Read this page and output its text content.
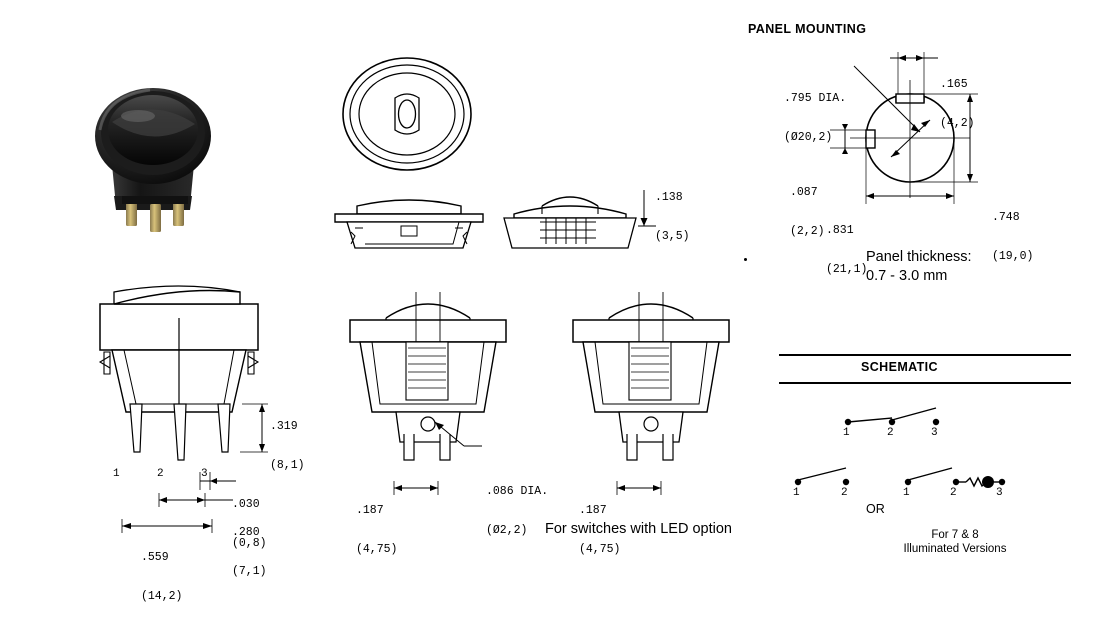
.138

(3,5)

.319

(8,1)

1	2	3

.030

(0,8)

.280

(7,1)

.559

(14,2)

.086 DIA.

(Ø2,2)

.187

(4,75)

.187

(4,75)

For switches with LED option
PANEL MOUNTING

.795 DIA.

(Ø20,2)

.165

(4,2)

.087

(2,2)

.831

(21,1)

.748

(19,0)

Panel thickness:
0.7 - 3.0 mm
SCHEMATIC
1	2	3
1	2	1	2	3
OR
For 7 & 8
Illuminated Versions
